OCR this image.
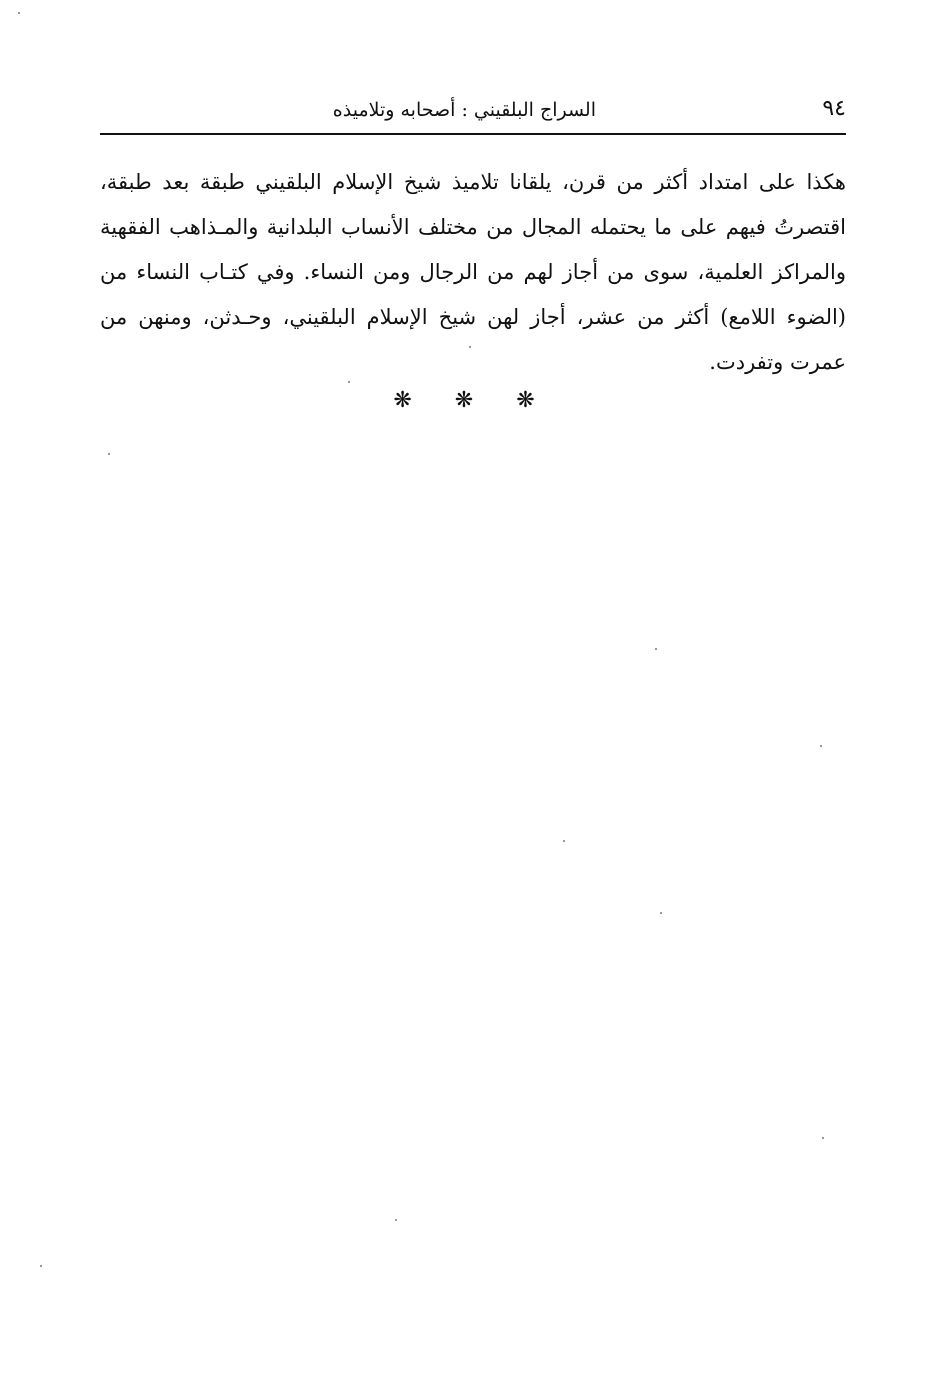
٩٤
السراج البلقيني : أصحابه وتلاميذه
هكذا على امتداد أكثر من قرن، يلقانا تلاميذ شيخ الإسلام البلقيني طبقة بعد طبقة،
اقتصرتُ فيهم على ما يحتمله المجال من مختلف الأنساب البلدانية والمـذاهب الفقهية
والمراكز العلمية، سوى من أجاز لهم من الرجال ومن النساء. وفي كتـاب النساء من
(الضوء اللامع) أكثر من عشر، أجاز لهن شيخ الإسلام البلقيني، وحـدثن، ومنهن من
عمرت وتفردت.
❋ ❋ ❋
